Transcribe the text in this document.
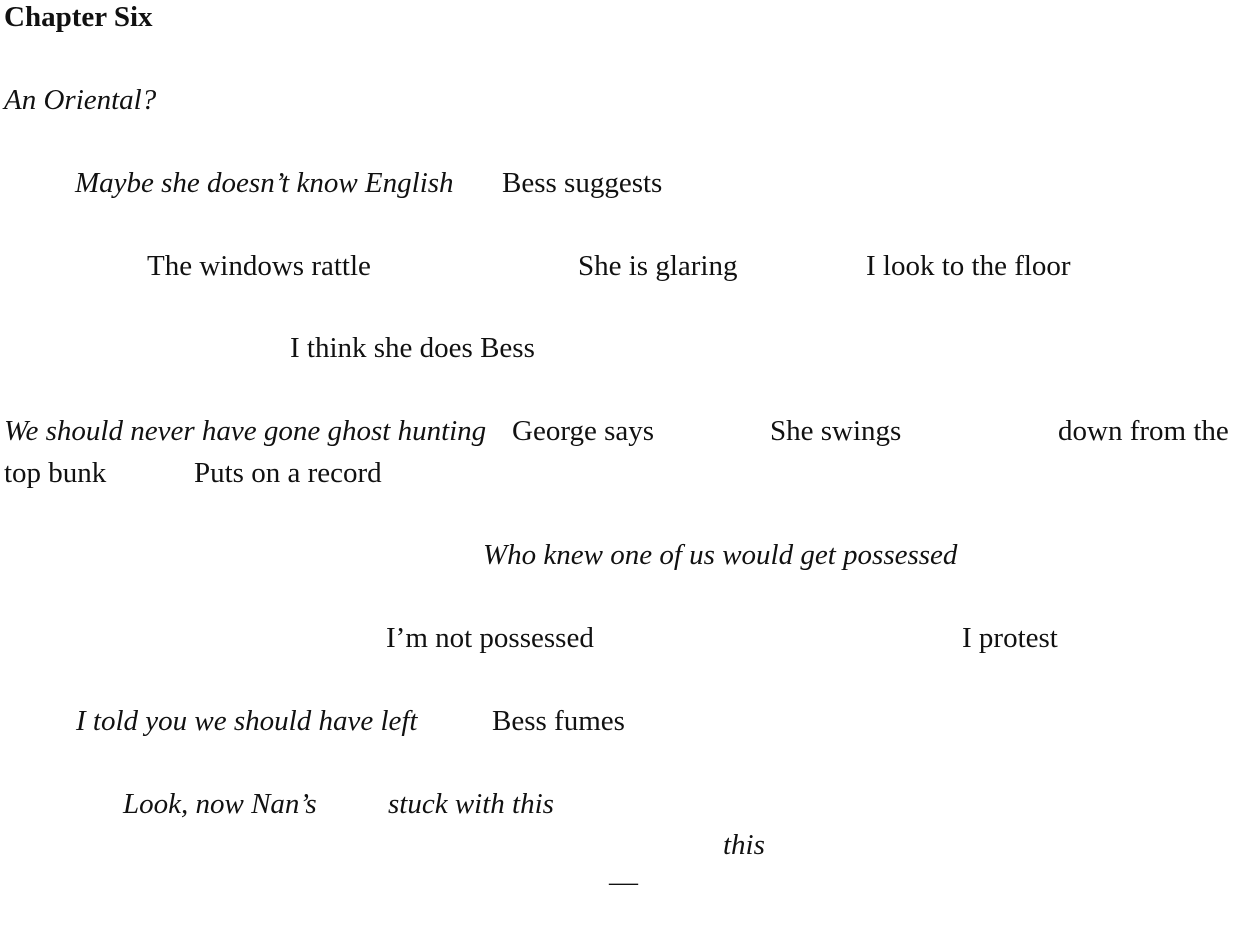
Chapter Six
An Oriental?
Maybe she doesn’t know English Bess suggests
The windows rattle	She is glaring	I look to the floor
I think she does Bess
We should never have gone ghost hunting George says	She swings	down from the
top bunk	Puts on a record
Who knew one of us would get possessed
I’m not possessed	I protest
I told you we should have left	Bess fumes
Look, now Nan’s stuck with this
this
—
